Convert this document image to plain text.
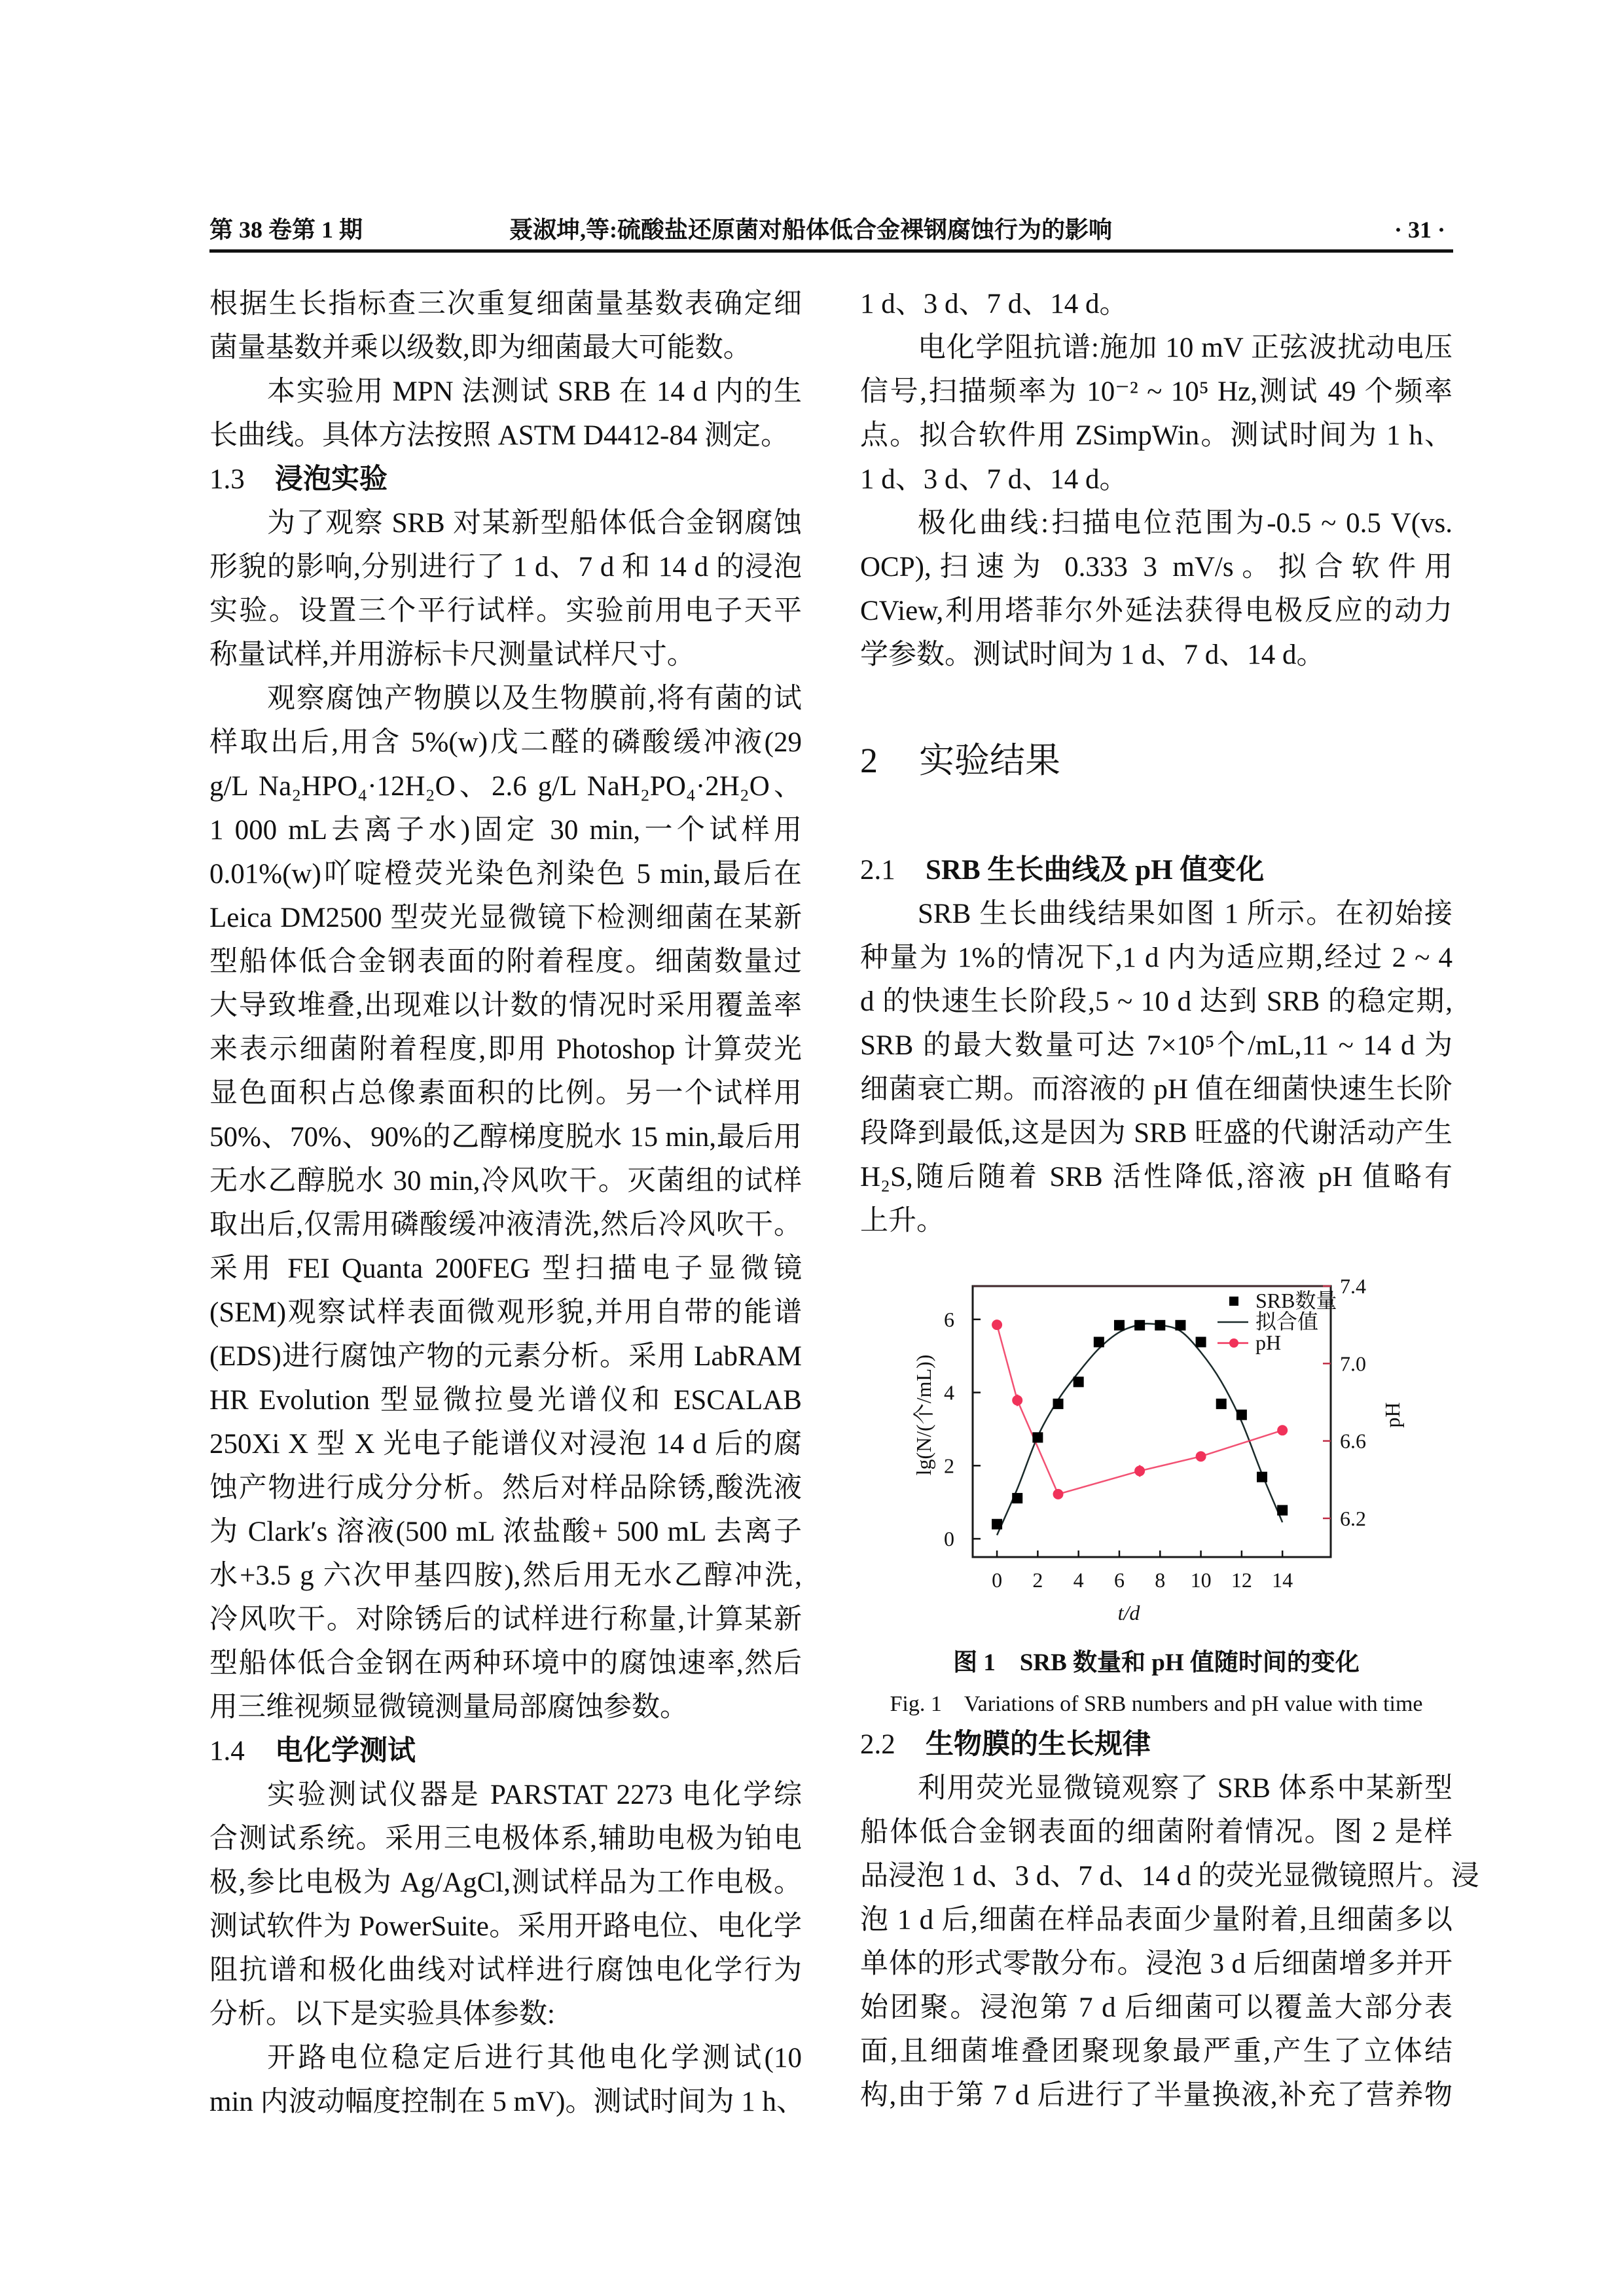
第 38 卷第 1 期	聂淑坤,等:硫酸盐还原菌对船体低合金裸钢腐蚀行为的影响	· 31 ·
根据生长指标查三次重复细菌量基数表确定细
菌量基数并乘以级数,即为细菌最大可能数。
本实验用 MPN 法测试 SRB 在 14 d 内的生
长曲线。具体方法按照 ASTM D4412-84 测定。
1.3 浸泡实验
为了观察 SRB 对某新型船体低合金钢腐蚀
形貌的影响,分别进行了 1 d、7 d 和 14 d 的浸泡
实验。设置三个平行试样。实验前用电子天平
称量试样,并用游标卡尺测量试样尺寸。
观察腐蚀产物膜以及生物膜前,将有菌的试
样取出后,用含 5%(w)戊二醛的磷酸缓冲液(29
g/L Na₂HPO₄·12H₂O、2.6 g/L NaH₂PO₄·2H₂O、
1 000 mL去离子水)固定 30 min,一个试样用
0.01%(w)吖啶橙荧光染色剂染色 5 min,最后在
Leica DM2500 型荧光显微镜下检测细菌在某新
型船体低合金钢表面的附着程度。细菌数量过
大导致堆叠,出现难以计数的情况时采用覆盖率
来表示细菌附着程度,即用 Photoshop 计算荧光
显色面积占总像素面积的比例。另一个试样用
50%、70%、90%的乙醇梯度脱水 15 min,最后用
无水乙醇脱水 30 min,冷风吹干。灭菌组的试样
取出后,仅需用磷酸缓冲液清洗,然后冷风吹干。
采用 FEI Quanta 200FEG 型扫描电子显微镜
(SEM)观察试样表面微观形貌,并用自带的能谱
(EDS)进行腐蚀产物的元素分析。采用 LabRAM
HR Evolution 型显微拉曼光谱仪和 ESCALAB
250Xi X 型 X 光电子能谱仪对浸泡 14 d 后的腐
蚀产物进行成分分析。然后对样品除锈,酸洗液
为 Clark′s 溶液(500 mL 浓盐酸+ 500 mL 去离子
水+3.5 g 六次甲基四胺),然后用无水乙醇冲洗,
冷风吹干。对除锈后的试样进行称量,计算某新
型船体低合金钢在两种环境中的腐蚀速率,然后
用三维视频显微镜测量局部腐蚀参数。
1.4 电化学测试
实验测试仪器是 PARSTAT 2273 电化学综
合测试系统。采用三电极体系,辅助电极为铂电
极,参比电极为 Ag/AgCl,测试样品为工作电极。
测试软件为 PowerSuite。采用开路电位、电化学
阻抗谱和极化曲线对试样进行腐蚀电化学行为
分析。以下是实验具体参数:
开路电位稳定后进行其他电化学测试(10
min 内波动幅度控制在 5 mV)。测试时间为 1 h、
1 d、3 d、7 d、14 d。
电化学阻抗谱:施加 10 mV 正弦波扰动电压
信号,扫描频率为 10⁻² ~ 10⁵ Hz,测试 49 个频率
点。拟合软件用 ZSimpWin。测试时间为 1 h、
1 d、3 d、7 d、14 d。
极化曲线:扫描电位范围为-0.5 ~ 0.5 V(vs.
OCP),扫速为 0.333 3 mV/s。拟合软件用
CView,利用塔菲尔外延法获得电极反应的动力
学参数。测试时间为 1 d、7 d、14 d。
2 实验结果
2.1 SRB 生长曲线及 pH 值变化
SRB 生长曲线结果如图 1 所示。在初始接
种量为 1%的情况下,1 d 内为适应期,经过 2 ~ 4
d 的快速生长阶段,5 ~ 10 d 达到 SRB 的稳定期,
SRB 的最大数量可达 7×10⁵个/mL,11 ~ 14 d 为
细菌衰亡期。而溶液的 pH 值在细菌快速生长阶
段降到最低,这是因为 SRB 旺盛的代谢活动产生
H₂S,随后随着 SRB 活性降低,溶液 pH 值略有
上升。
0 2 4 6 8 10 12 14
0
2
4
6
6.2
6.6
7.0
7.4
t/d
lg(N/(个/mL))	pH
SRB数量
拟合值
pH
图 1　SRB 数量和 pH 值随时间的变化
Fig. 1　Variations of SRB numbers and pH value with time
2.2 生物膜的生长规律
利用荧光显微镜观察了 SRB 体系中某新型
船体低合金钢表面的细菌附着情况。图 2 是样
品浸泡 1 d、3 d、7 d、14 d 的荧光显微镜照片。浸
泡 1 d 后,细菌在样品表面少量附着,且细菌多以
单体的形式零散分布。浸泡 3 d 后细菌增多并开
始团聚。浸泡第 7 d 后细菌可以覆盖大部分表
面,且细菌堆叠团聚现象最严重,产生了立体结
构,由于第 7 d 后进行了半量换液,补充了营养物
